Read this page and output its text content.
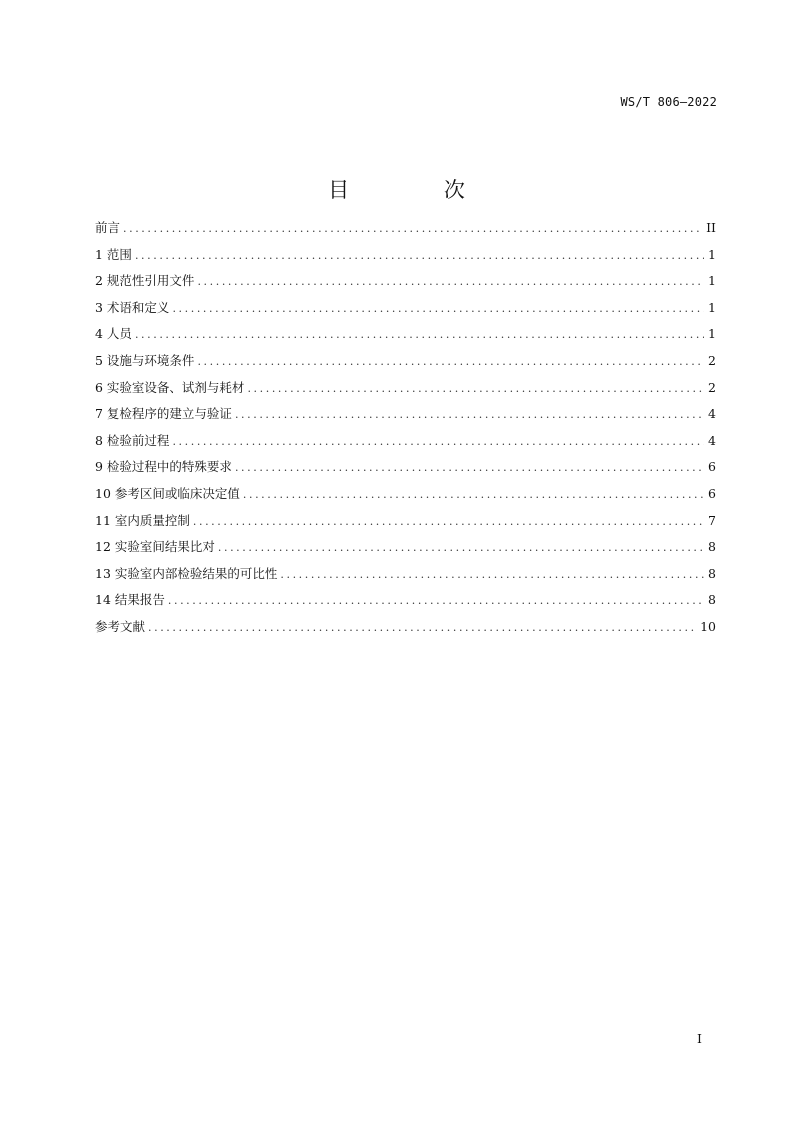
WS/T 806—2022
目 次
前言 .....	II
1 范围 .....	1
2 规范性引用文件 .....	1
3 术语和定义 .....	1
4 人员 .....	1
5 设施与环境条件 .....	2
6 实验室设备、试剂与耗材 .....	2
7 复检程序的建立与验证 .....	4
8 检验前过程 .....	4
9 检验过程中的特殊要求 .....	6
10 参考区间或临床决定值 .....	6
11 室内质量控制 .....	7
12 实验室间结果比对 .....	8
13 实验室内部检验结果的可比性 .....	8
14 结果报告 .....	8
参考文献 .....	10
I
